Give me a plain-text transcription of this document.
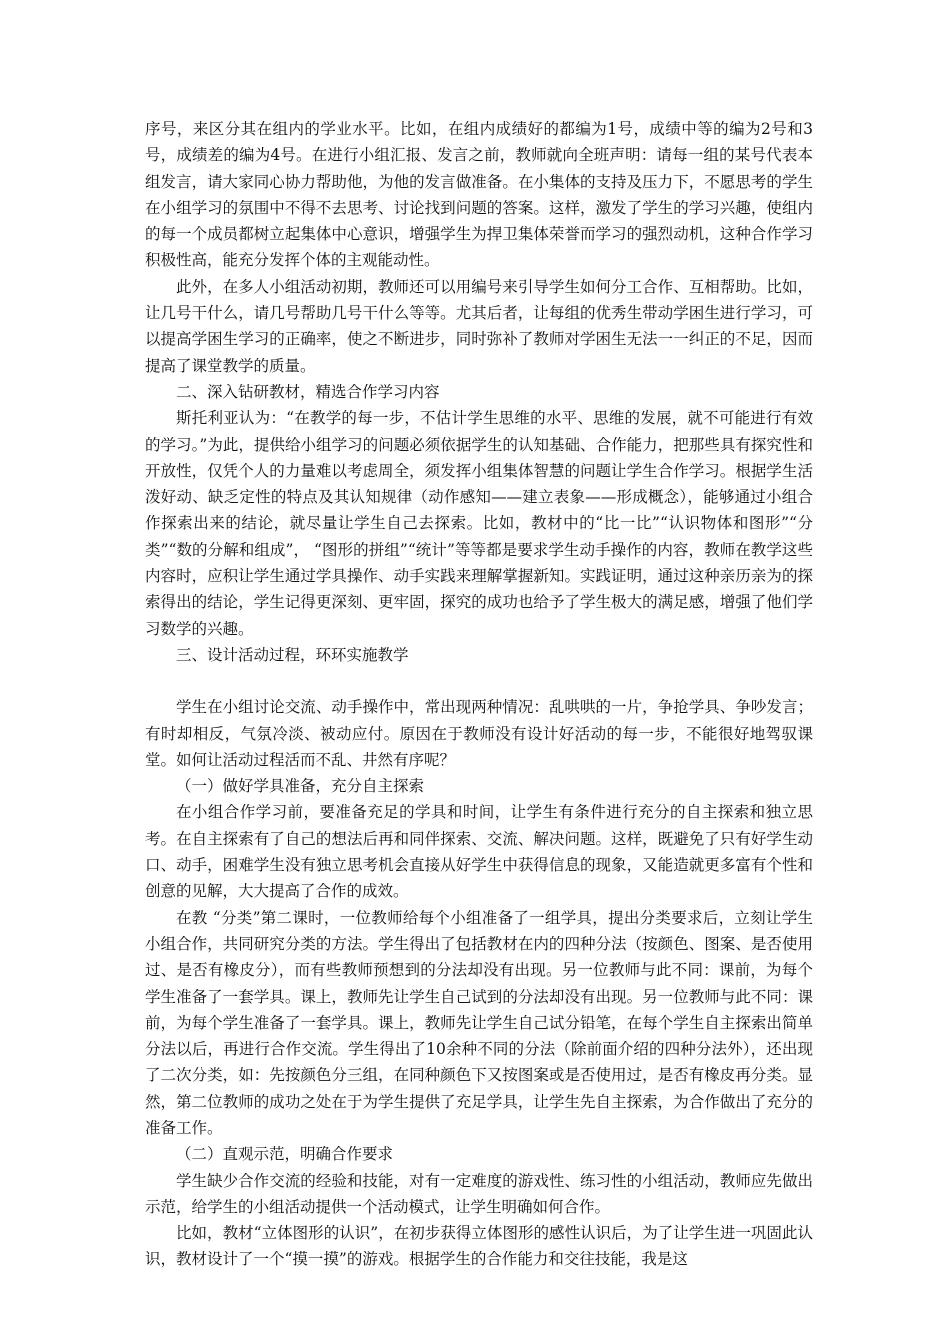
序号，来区分其在组内的学业水平。比如，在组内成绩好的都编为1号，成绩中等的编为2号和3号，成绩差的编为4号。在进行小组汇报、发言之前，教师就向全班声明：请每一组的某号代表本组发言，请大家同心协力帮助他，为他的发言做准备。在小集体的支持及压力下，不愿思考的学生在小组学习的氛围中不得不去思考、讨论找到问题的答案。这样，激发了学生的学习兴趣，使组内的每一个成员都树立起集体中心意识，增强学生为捍卫集体荣誉而学习的强烈动机，这种合作学习积极性高，能充分发挥个体的主观能动性。

此外，在多人小组活动初期，教师还可以用编号来引导学生如何分工合作、互相帮助。比如，让几号干什么，请几号帮助几号干什么等等。尤其后者，让每组的优秀生带动学困生进行学习，可以提高学困生学习的正确率，使之不断进步，同时弥补了教师对学困生无法一一纠正的不足，因而提高了课堂教学的质量。

二、深入钻研教材，精选合作学习内容

斯托利亚认为：“在教学的每一步，不估计学生思维的水平、思维的发展，就不可能进行有效的学习。”为此，提供给小组学习的问题必须依据学生的认知基础、合作能力，把那些具有探究性和开放性，仅凭个人的力量难以考虑周全，须发挥小组集体智慧的问题让学生合作学习。根据学生活泼好动、缺乏定性的特点及其认知规律（动作感知——建立表象——形成概念），能够通过小组合作探索出来的结论，就尽量让学生自己去探索。比如，教材中的“比一比”“认识物体和图形”“分类”“数的分解和组成”， “图形的拼组”“统计”等等都是要求学生动手操作的内容，教师在教学这些内容时，应积让学生通过学具操作、动手实践来理解掌握新知。实践证明，通过这种亲历亲为的探索得出的结论，学生记得更深刻、更牢固，探究的成功也给予了学生极大的满足感，增强了他们学习数学的兴趣。

三、设计活动过程，环环实施教学

学生在小组讨论交流、动手操作中，常出现两种情况：乱哄哄的一片，争抢学具、争吵发言；有时却相反，气氛冷淡、被动应付。原因在于教师没有设计好活动的每一步，不能很好地驾驭课堂。如何让活动过程活而不乱、井然有序呢？

（一）做好学具准备，充分自主探索

在小组合作学习前，要准备充足的学具和时间，让学生有条件进行充分的自主探索和独立思考。在自主探索有了自己的想法后再和同伴探索、交流、解决问题。这样，既避免了只有好学生动口、动手，困难学生没有独立思考机会直接从好学生中获得信息的现象，又能造就更多富有个性和创意的见解，大大提高了合作的成效。

在教 “分类”第二课时，一位教师给每个小组准备了一组学具，提出分类要求后，立刻让学生小组合作，共同研究分类的方法。学生得出了包括教材在内的四种分法（按颜色、图案、是否使用过、是否有橡皮分），而有些教师预想到的分法却没有出现。另一位教师与此不同：课前，为每个学生准备了一套学具。课上，教师先让学生自己试到的分法却没有出现。另一位教师与此不同：课前，为每个学生准备了一套学具。课上，教师先让学生自己试分铅笔，在每个学生自主探索出简单分法以后，再进行合作交流。学生得出了10余种不同的分法（除前面介绍的四种分法外），还出现了二次分类，如：先按颜色分三组，在同种颜色下又按图案或是否使用过，是否有橡皮再分类。显然，第二位教师的成功之处在于为学生提供了充足学具，让学生先自主探索，为合作做出了充分的准备工作。

（二）直观示范，明确合作要求

学生缺少合作交流的经验和技能，对有一定难度的游戏性、练习性的小组活动，教师应先做出示范，给学生的小组活动提供一个活动模式，让学生明确如何合作。

比如，教材“立体图形的认识”，在初步获得立体图形的感性认识后，为了让学生进一巩固此认识，教材设计了一个“摸一摸”的游戏。根据学生的合作能力和交往技能，我是这
